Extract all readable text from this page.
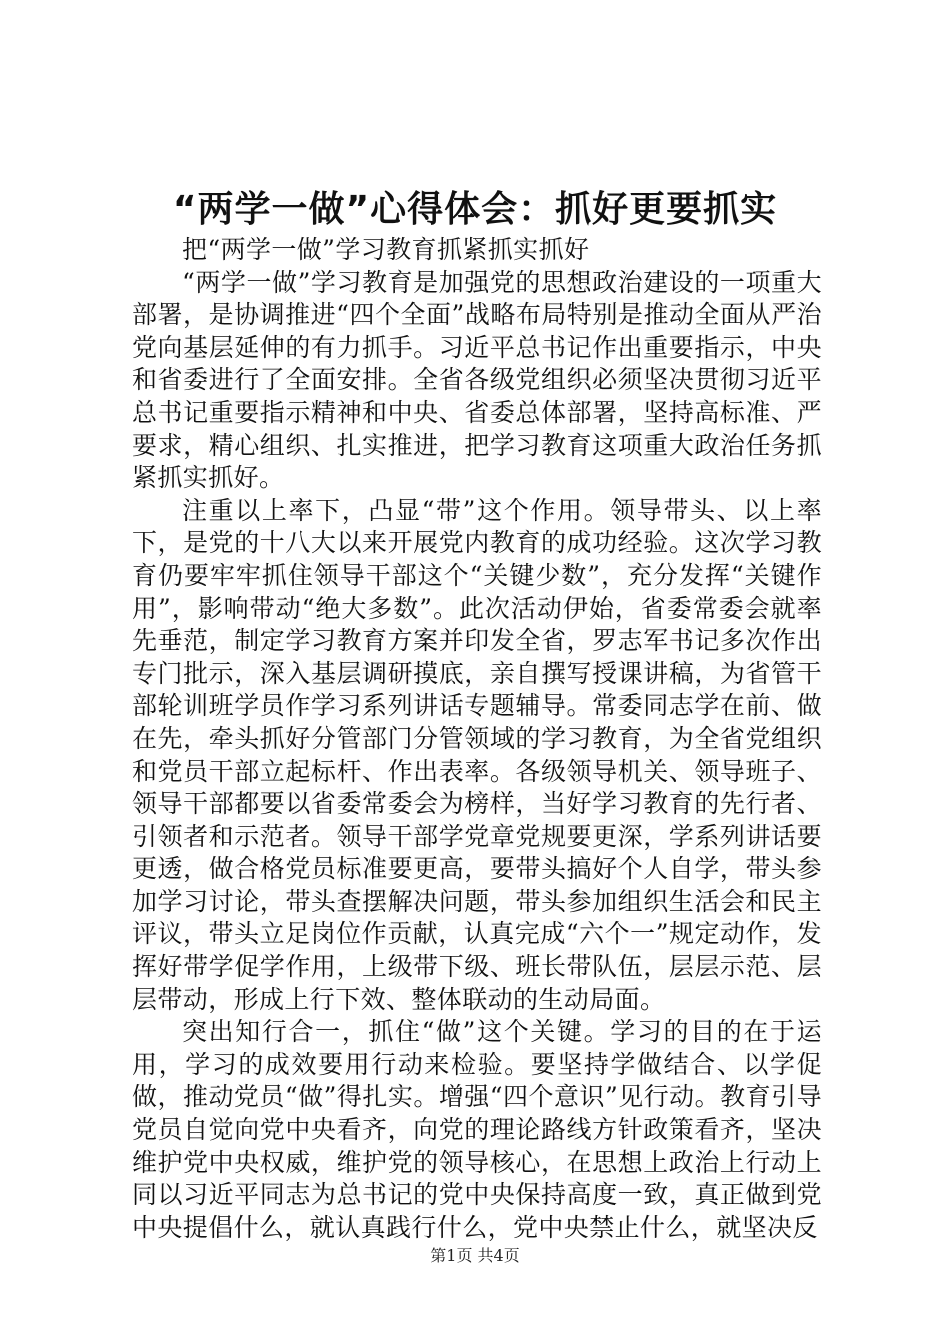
“两学一做”心得体会：抓好更要抓实

把“两学一做”学习教育抓紧抓实抓好

“两学一做”学习教育是加强党的思想政治建设的一项重大部署，是协调推进“四个全面”战略布局特别是推动全面从严治党向基层延伸的有力抓手。习近平总书记作出重要指示，中央和省委进行了全面安排。全省各级党组织必须坚决贯彻习近平总书记重要指示精神和中央、省委总体部署，坚持高标准、严要求，精心组织、扎实推进，把学习教育这项重大政治任务抓紧抓实抓好。

注重以上率下，凸显“带”这个作用。领导带头、以上率下，是党的十八大以来开展党内教育的成功经验。这次学习教育仍要牢牢抓住领导干部这个“关键少数”，充分发挥“关键作用”，影响带动“绝大多数”。此次活动伊始，省委常委会就率先垂范，制定学习教育方案并印发全省，罗志军书记多次作出专门批示，深入基层调研摸底，亲自撰写授课讲稿，为省管干部轮训班学员作学习系列讲话专题辅导。常委同志学在前、做在先，牵头抓好分管部门分管领域的学习教育，为全省党组织和党员干部立起标杆、作出表率。各级领导机关、领导班子、领导干部都要以省委常委会为榜样，当好学习教育的先行者、引领者和示范者。领导干部学党章党规要更深，学系列讲话要更透，做合格党员标准要更高，要带头搞好个人自学，带头参加学习讨论，带头查摆解决问题，带头参加组织生活会和民主评议，带头立足岗位作贡献，认真完成“六个一”规定动作，发挥好带学促学作用，上级带下级、班长带队伍，层层示范、层层带动，形成上行下效、整体联动的生动局面。

突出知行合一，抓住“做”这个关键。学习的目的在于运用，学习的成效要用行动来检验。要坚持学做结合、以学促做，推动党员“做”得扎实。增强“四个意识”见行动。教育引导党员自觉向党中央看齐，向党的理论路线方针政策看齐，坚决维护党中央权威，维护党的领导核心，在思想上政治上行动上同以习近平同志为总书记的党中央保持高度一致，真正做到党中央提倡什么，就认真践行什么，党中央禁止什么，就坚决反

第1页 共4页
